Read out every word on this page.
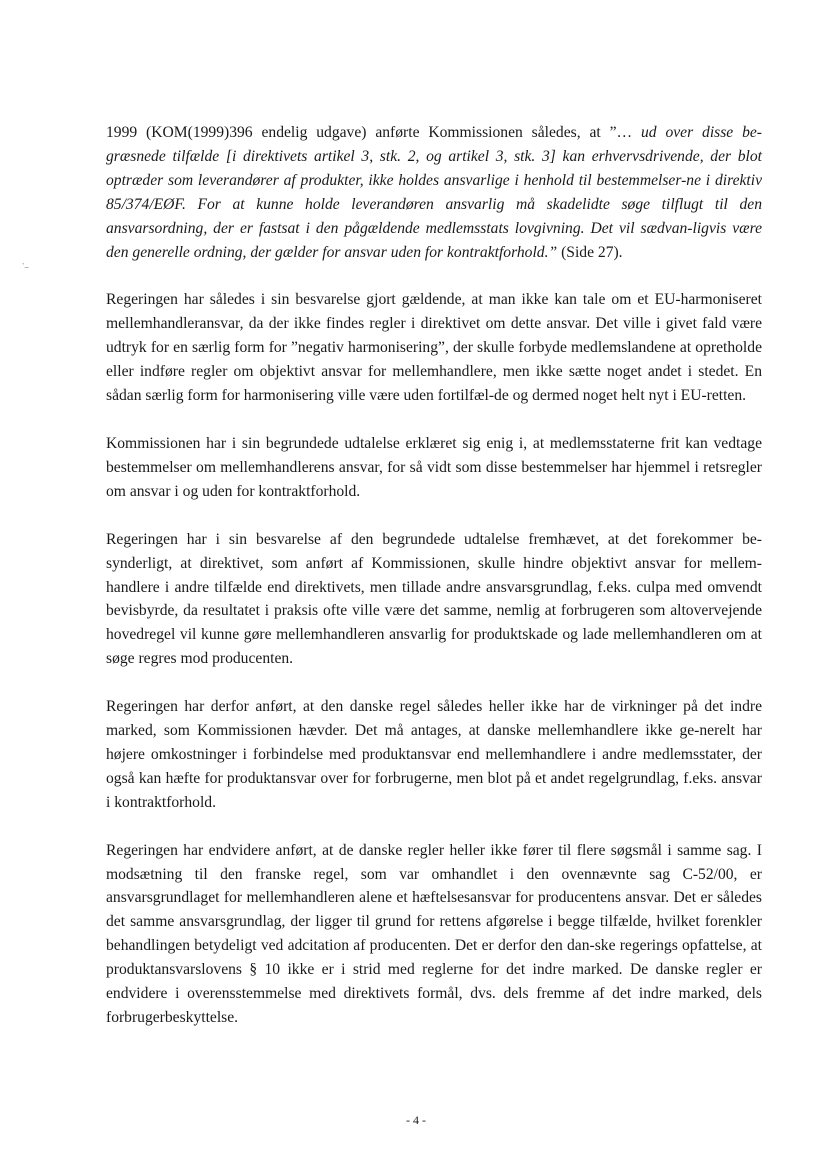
1999 (KOM(1999)396 endelig udgave) anførte Kommissionen således, at ”… ud over disse be-græsnede tilfælde [i direktivets artikel 3, stk. 2, og artikel 3, stk. 3] kan erhvervsdrivende, der blot optræder som leverandører af produkter, ikke holdes ansvarlige i henhold til bestemmelser-ne i direktiv 85/374/EØF. For at kunne holde leverandøren ansvarlig må skadelidte søge tilflugt til den ansvarsordning, der er fastsat i den pågældende medlemsstats lovgivning. Det vil sædvan-ligvis være den generelle ordning, der gælder for ansvar uden for kontraktforhold.” (Side 27).

Regeringen har således i sin besvarelse gjort gældende, at man ikke kan tale om et EU-harmoniseret mellemhandleransvar, da der ikke findes regler i direktivet om dette ansvar. Det ville i givet fald være udtryk for en særlig form for ”negativ harmonisering”, der skulle forbyde medlemslandene at opretholde eller indføre regler om objektivt ansvar for mellemhandlere, men ikke sætte noget andet i stedet. En sådan særlig form for harmonisering ville være uden fortilfæl-de og dermed noget helt nyt i EU-retten.

Kommissionen har i sin begrundede udtalelse erklæret sig enig i, at medlemsstaterne frit kan vedtage bestemmelser om mellemhandlerens ansvar, for så vidt som disse bestemmelser har hjemmel i retsregler om ansvar i og uden for kontraktforhold.

Regeringen har i sin besvarelse af den begrundede udtalelse fremhævet, at det forekommer be-synderligt, at direktivet, som anført af Kommissionen, skulle hindre objektivt ansvar for mellem-handlere i andre tilfælde end direktivets, men tillade andre ansvarsgrundlag, f.eks. culpa med omvendt bevisbyrde, da resultatet i praksis ofte ville være det samme, nemlig at forbrugeren som altovervejende hovedregel vil kunne gøre mellemhandleren ansvarlig for produktskade og lade mellemhandleren om at søge regres mod producenten.

Regeringen har derfor anført, at den danske regel således heller ikke har de virkninger på det indre marked, som Kommissionen hævder. Det må antages, at danske mellemhandlere ikke ge-nerelt har højere omkostninger i forbindelse med produktansvar end mellemhandlere i andre medlemsstater, der også kan hæfte for produktansvar over for forbrugerne, men blot på et andet regelgrundlag, f.eks. ansvar i kontraktforhold.

Regeringen har endvidere anført, at de danske regler heller ikke fører til flere søgsmål i samme sag. I modsætning til den franske regel, som var omhandlet i den ovennævnte sag C-52/00, er ansvarsgrundlaget for mellemhandleren alene et hæftelsesansvar for producentens ansvar. Det er således det samme ansvarsgrundlag, der ligger til grund for rettens afgørelse i begge tilfælde, hvilket forenkler behandlingen betydeligt ved adcitation af producenten. Det er derfor den dan-ske regerings opfattelse, at produktansvarslovens § 10 ikke er i strid med reglerne for det indre marked. De danske regler er endvidere i overensstemmelse med direktivets formål, dvs. dels fremme af det indre marked, dels forbrugerbeskyttelse.

ˋ–
- 4 -
